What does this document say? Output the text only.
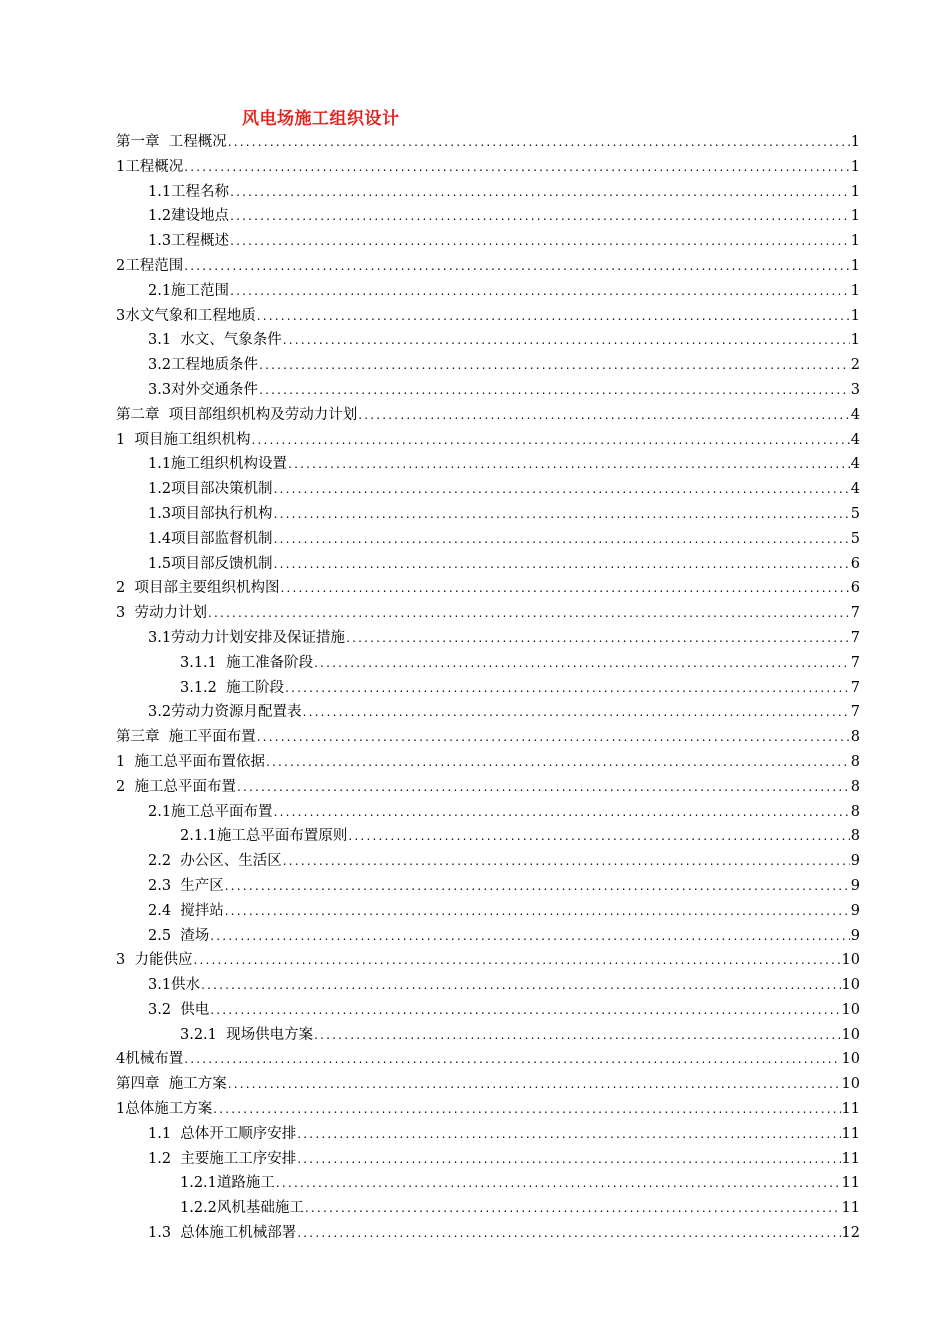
风电场施工组织设计
第一章  工程概况 .....	1
1工程概况 .....	1
1.1工程名称 .....	1
1.2建设地点 .....	1
1.3工程概述 .....	1
2工程范围 .....	1
2.1施工范围 .....	1
3水文气象和工程地质 .....	1
3.1  水文、气象条件 .....	1
3.2工程地质条件 .....	2
3.3对外交通条件 .....	3
第二章  项目部组织机构及劳动力计划 .....	4
1  项目施工组织机构 .....	4
1.1施工组织机构设置 .....	4
1.2项目部决策机制 .....	4
1.3项目部执行机构 .....	5
1.4项目部监督机制 .....	5
1.5项目部反馈机制 .....	6
2  项目部主要组织机构图 .....	6
3  劳动力计划 .....	7
3.1劳动力计划安排及保证措施 .....	7
3.1.1  施工准备阶段 .....	7
3.1.2  施工阶段 .....	7
3.2劳动力资源月配置表 .....	7
第三章  施工平面布置 .....	8
1  施工总平面布置依据 .....	8
2  施工总平面布置 .....	8
2.1施工总平面布置 .....	8
2.1.1施工总平面布置原则 .....	8
2.2  办公区、生活区 .....	9
2.3  生产区 .....	9
2.4  搅拌站 .....	9
2.5  渣场 .....	9
3  力能供应 .....	10
3.1供水 .....	10
3.2  供电 .....	10
3.2.1  现场供电方案 .....	10
4机械布置 .....	10
第四章  施工方案 .....	10
1总体施工方案 .....	11
1.1  总体开工顺序安排 .....	11
1.2  主要施工工序安排 .....	11
1.2.1道路施工 .....	11
1.2.2风机基础施工 .....	11
1.3  总体施工机械部署 .....	12
